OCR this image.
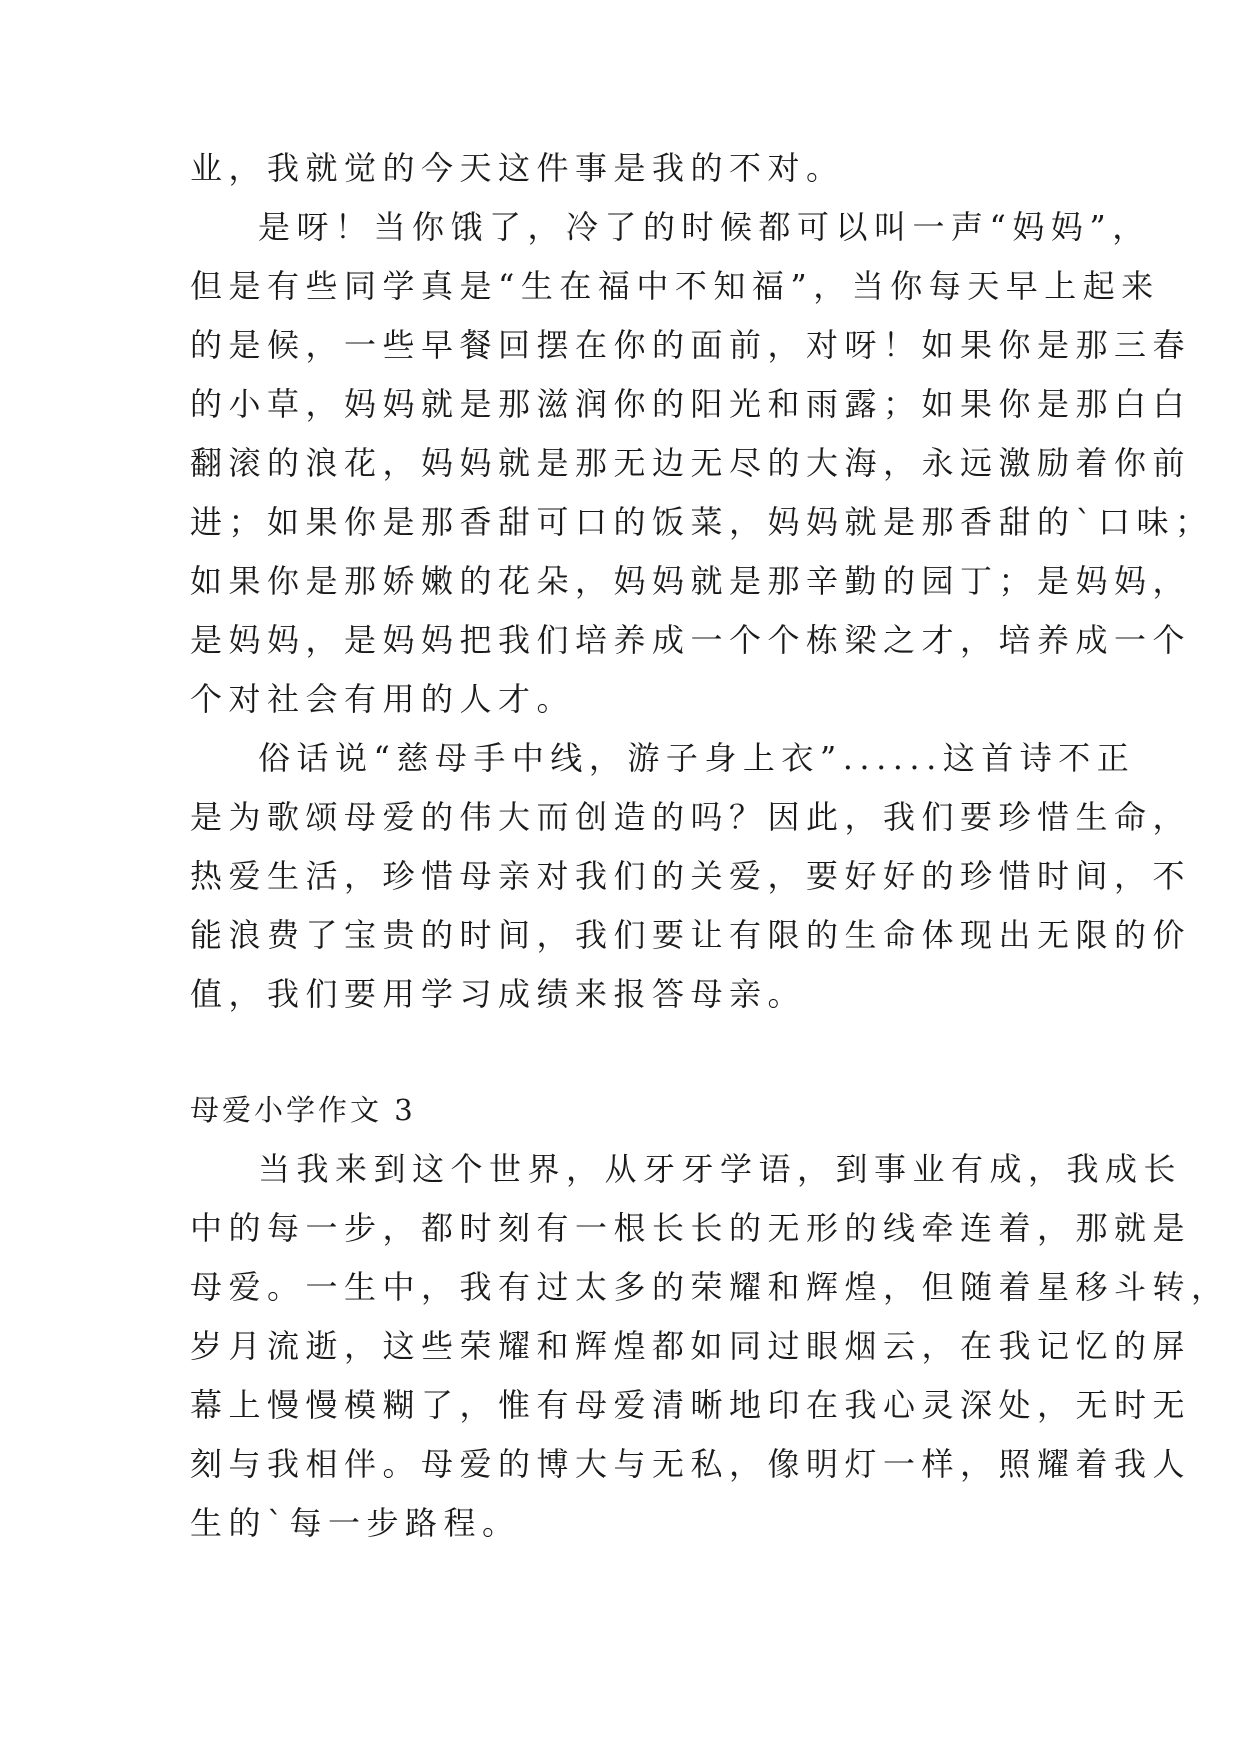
业，我就觉的今天这件事是我的不对。

是呀！当你饿了，冷了的时候都可以叫一声“妈妈”，

但是有些同学真是“生在福中不知福”，当你每天早上起来

的是候，一些早餐回摆在你的面前，对呀！如果你是那三春

的小草，妈妈就是那滋润你的阳光和雨露；如果你是那白白

翻滚的浪花，妈妈就是那无边无尽的大海，永远激励着你前

进；如果你是那香甜可口的饭菜，妈妈就是那香甜的`口味；

如果你是那娇嫩的花朵，妈妈就是那辛勤的园丁；是妈妈，

是妈妈，是妈妈把我们培养成一个个栋梁之才，培养成一个

个对社会有用的人才。

俗话说“慈母手中线，游子身上衣”......这首诗不正

是为歌颂母爱的伟大而创造的吗？因此，我们要珍惜生命，

热爱生活，珍惜母亲对我们的关爱，要好好的珍惜时间，不

能浪费了宝贵的时间，我们要让有限的生命体现出无限的价

值，我们要用学习成绩来报答母亲。

母爱小学作文 3

当我来到这个世界，从牙牙学语，到事业有成，我成长

中的每一步，都时刻有一根长长的无形的线牵连着，那就是

母爱。一生中，我有过太多的荣耀和辉煌，但随着星移斗转，

岁月流逝，这些荣耀和辉煌都如同过眼烟云，在我记忆的屏

幕上慢慢模糊了，惟有母爱清晰地印在我心灵深处，无时无

刻与我相伴。母爱的博大与无私，像明灯一样，照耀着我人

生的`每一步路程。
